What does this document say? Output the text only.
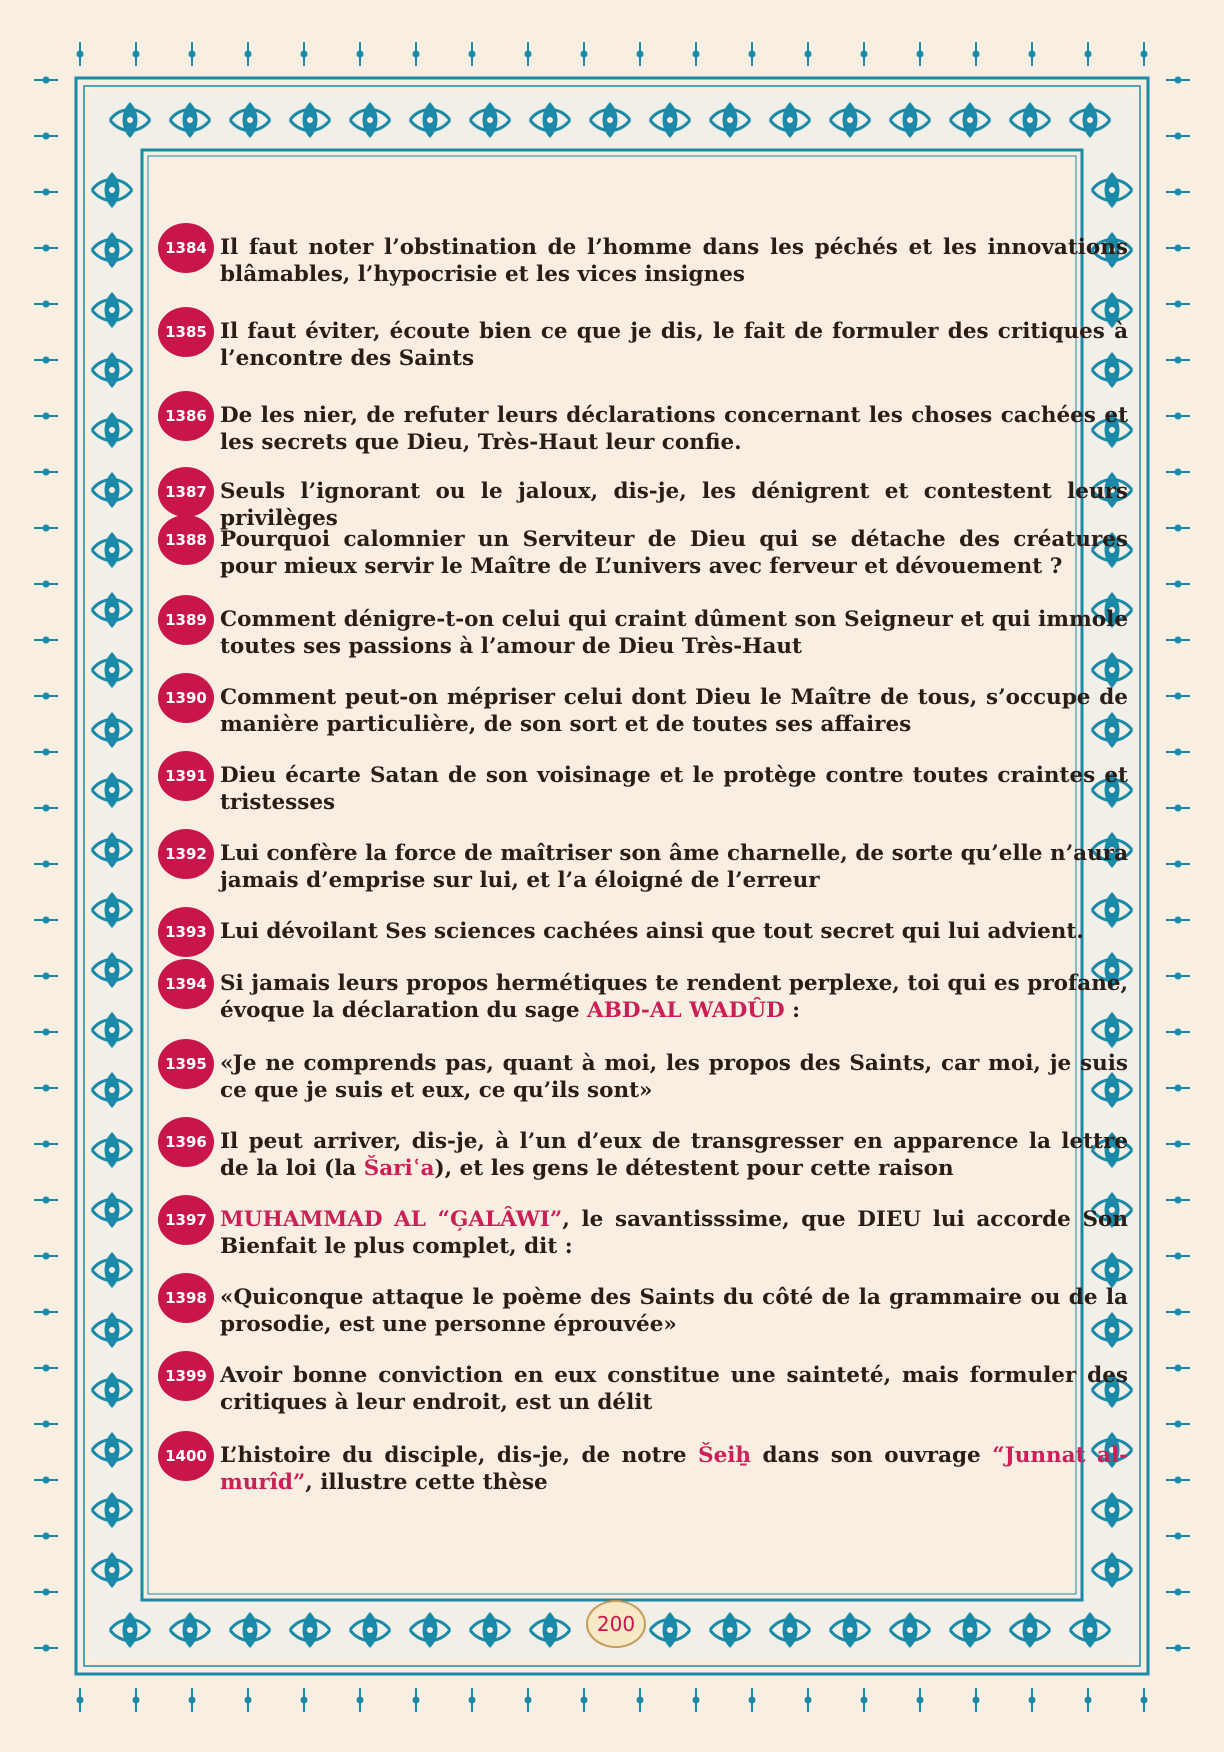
1384 Il faut noter l’obstination de l’homme dans les péchés et les innovations blâmables, l’hypocrisie et les vices insignes
1385 Il faut éviter, écoute bien ce que je dis, le fait de formuler des critiques à l’encontre des Saints
1386 De les nier, de refuter leurs déclarations concernant les choses cachées et les secrets que Dieu, Très-Haut leur confie.
1387 Seuls l’ignorant ou le jaloux, dis-je, les dénigrent et contestent leurs privilèges
1388 Pourquoi calomnier un Serviteur de Dieu qui se détache des créatures pour mieux servir le Maître de L’univers avec ferveur et dévouement ?
1389 Comment dénigre-t-on celui qui craint dûment son Seigneur et qui immole toutes ses passions à l’amour de Dieu Très-Haut
1390 Comment peut-on mépriser celui dont Dieu le Maître de tous, s’occupe de manière particulière, de son sort et de toutes ses affaires
1391 Dieu écarte Satan de son voisinage et le protège contre toutes craintes et tristesses
1392 Lui confère la force de maîtriser son âme charnelle, de sorte qu’elle n’aura jamais d’emprise sur lui, et l’a éloigné de l’erreur
1393 Lui dévoilant Ses sciences cachées ainsi que tout secret qui lui advient.
1394 Si jamais leurs propos hermétiques te rendent perplexe, toi qui es profane, évoque la déclaration du sage ABD-AL WADÛD :
1395 «Je ne comprends pas, quant à moi, les propos des Saints, car moi, je suis ce que je suis et eux, ce qu’ils sont»
1396 Il peut arriver, dis-je, à l’un d’eux de transgresser en apparence la lettre de la loi (la Šariʿa), et les gens le détestent pour cette raison
1397 MUHAMMAD AL “ĢALÂWI”, le savantisssime, que DIEU lui accorde Son Bienfait le plus complet, dit :
1398 «Quiconque attaque le poème des Saints du côté de la grammaire ou de la prosodie, est une personne éprouvée»
1399 Avoir bonne conviction en eux constitue une sainteté, mais formuler des critiques à leur endroit, est un délit
1400 L’histoire du disciple, dis-je, de notre Šeiẖ dans son ouvrage “Junnat al-murîd”, illustre cette thèse
200
